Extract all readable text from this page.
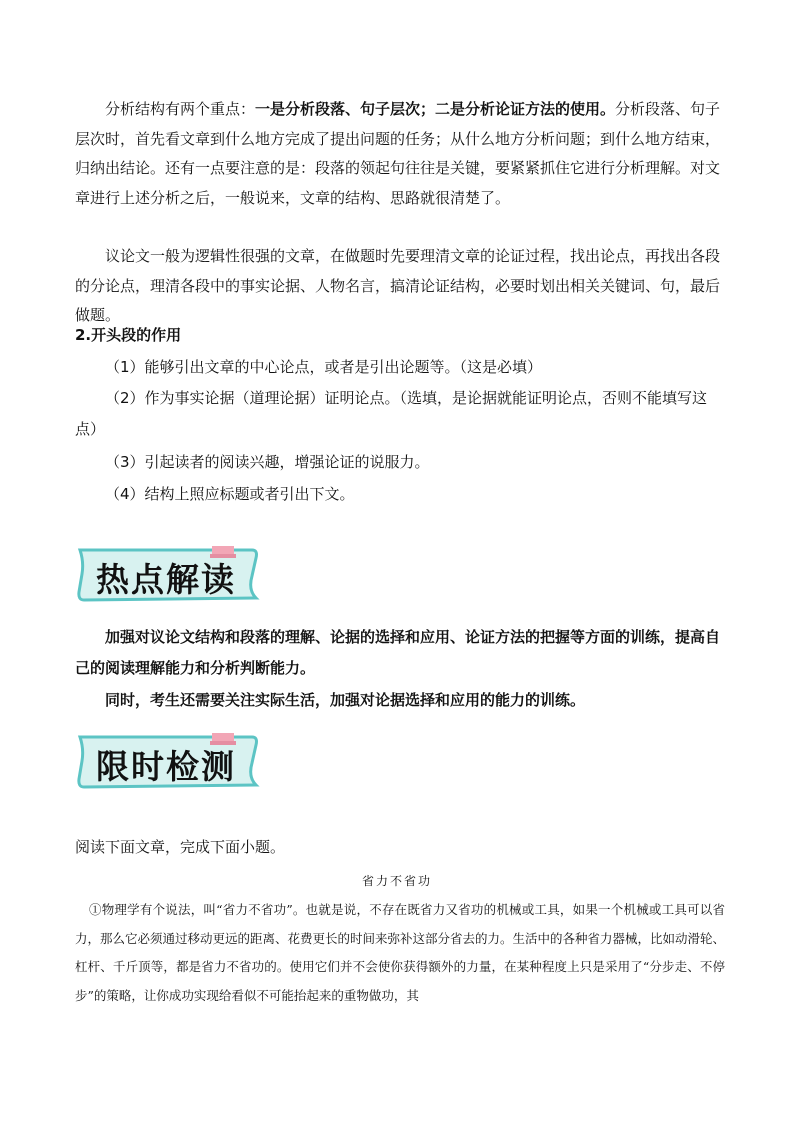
分析结构有两个重点：一是分析段落、句子层次；二是分析论证方法的使用。分析段落、句子层次时，首先看文章到什么地方完成了提出问题的任务；从什么地方分析问题；到什么地方结束，归纳出结论。还有一点要注意的是：段落的领起句往往是关键，要紧紧抓住它进行分析理解。对文章进行上述分析之后，一般说来，文章的结构、思路就很清楚了。

议论文一般为逻辑性很强的文章，在做题时先要理清文章的论证过程，找出论点，再找出各段的分论点，理清各段中的事实论据、人物名言，搞清论证结构，必要时划出相关关键词、句，最后做题。

2.开头段的作用

（1）能够引出文章的中心论点，或者是引出论题等。（这是必填）

（2）作为事实论据（道理论据）证明论点。（选填，是论据就能证明论点，否则不能填写这点）

（3）引起读者的阅读兴趣，增强论证的说服力。

（4）结构上照应标题或者引出下文。

热点解读

加强对议论文结构和段落的理解、论据的选择和应用、论证方法的把握等方面的训练，提高自己的阅读理解能力和分析判断能力。

同时，考生还需要关注实际生活，加强对论据选择和应用的能力的训练。

限时检测

阅读下面文章，完成下面小题。

省力不省功

①物理学有个说法，叫“省力不省功”。也就是说，不存在既省力又省功的机械或工具，如果一个机械或工具可以省力，那么它必须通过移动更远的距离、花费更长的时间来弥补这部分省去的力。生活中的各种省力器械，比如动滑轮、杠杆、千斤顶等，都是省力不省功的。使用它们并不会使你获得额外的力量，在某种程度上只是采用了“分步走、不停步”的策略，让你成功实现给看似不可能抬起来的重物做功，其
